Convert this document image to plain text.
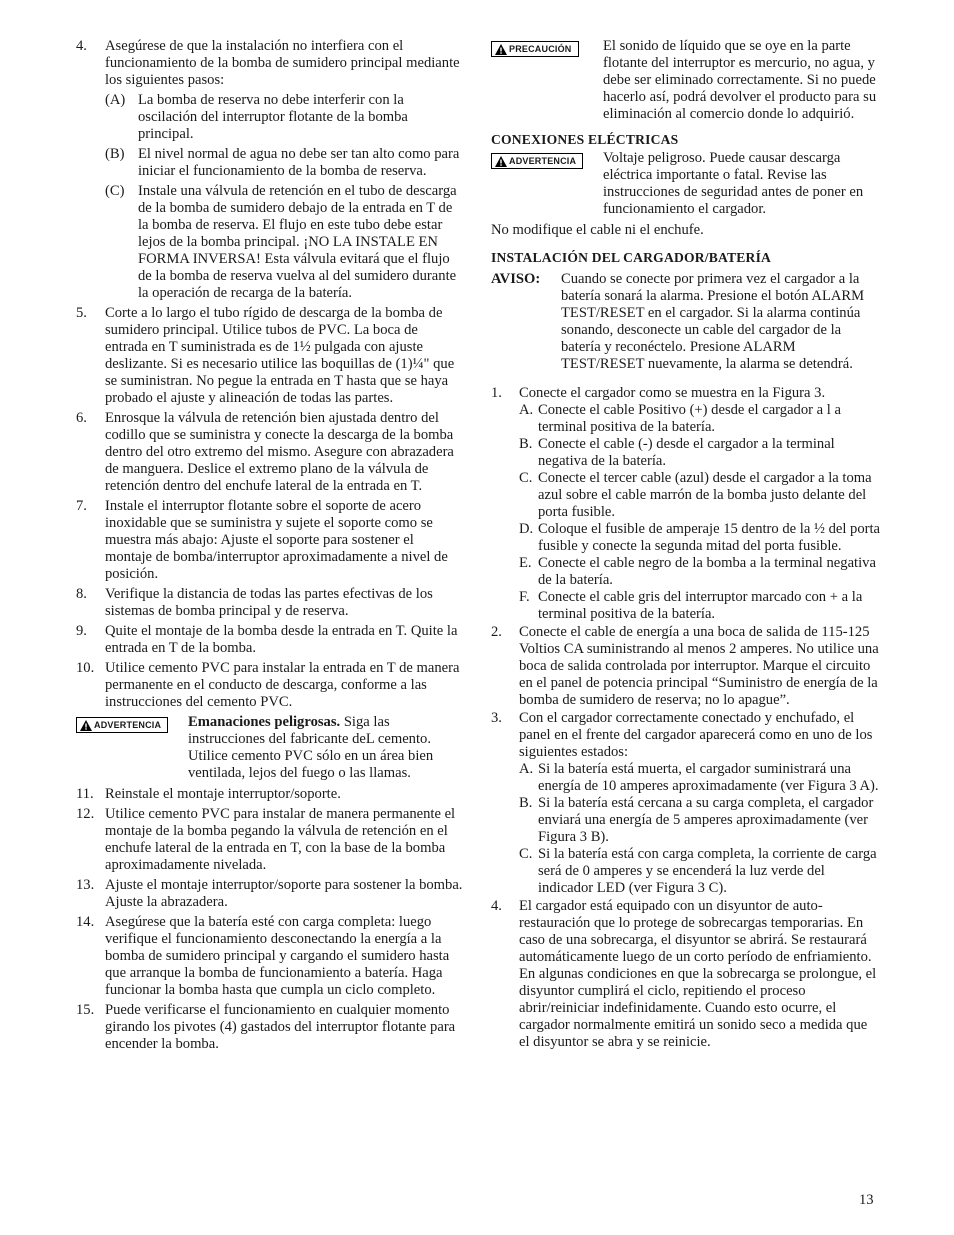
4.	Asegúrese de que la instalación no interfiera con el funcionamiento de la bomba de sumidero principal mediante los siguientes pasos:

(A) La bomba de reserva no debe interferir con la oscilación del interruptor flotante de la bomba principal.
(B) El nivel normal de agua no debe ser tan alto como para iniciar el funcionamiento de la bomba de reserva.
(C) Instale una válvula de retención en el tubo de descarga de la bomba de sumidero debajo de la entrada en T de la bomba de reserva. El flujo en este tubo debe estar lejos de la bomba principal. ¡NO LA INSTALE EN FORMA INVERSA! Esta válvula evitará que el flujo de la bomba de reserva vuelva al del sumidero durante la operación de recarga de la batería.
5.	Corte a lo largo el tubo rígido de descarga de la bomba de sumidero principal. Utilice tubos de PVC. La boca de entrada en T suministrada es de 1½ pulgada con ajuste deslizante. Si es necesario utilice las boquillas de (1)¼" que se suministran. No pegue la entrada en T hasta que se haya probado el ajuste y alineación de todas las partes.
6.	Enrosque la válvula de retención bien ajustada dentro del codillo que se suministra y conecte la descarga de la bomba dentro del otro extremo del mismo. Asegure con abrazadera de manguera. Deslice el extremo plano de la válvula de retención dentro del enchufe lateral de la entrada en T.
7.	Instale el interruptor flotante sobre el soporte de acero inoxidable que se suministra y sujete el soporte como se muestra más abajo: Ajuste el soporte para sostener el montaje de bomba/interruptor aproximadamente a nivel de posición.
8.	Verifique la distancia de todas las partes efectivas de los sistemas de bomba principal y de reserva.
9.	Quite el montaje de la bomba desde la entrada en T. Quite la entrada en T de la bomba.
10. Utilice cemento PVC para instalar la entrada en T de manera permanente en el conducto de descarga, conforme a las instrucciones del cemento PVC.
ADVERTENCIA Emanaciones peligrosas. Siga las instrucciones del fabricante deL cemento. Utilice cemento PVC sólo en un área bien ventilada, lejos del fuego o las llamas.
11. Reinstale el montaje interruptor/soporte.
12. Utilice cemento PVC para instalar de manera permanente el montaje de la bomba pegando la válvula de retención en el enchufe lateral de la entrada en T, con la base de la bomba aproximadamente nivelada.
13. Ajuste el montaje interruptor/soporte para sostener la bomba. Ajuste la abrazadera.
14. Asegúrese que la batería esté con carga completa: luego verifique el funcionamiento desconectando la energía a la bomba de sumidero principal y cargando el sumidero hasta que arranque la bomba de funcionamiento a batería. Haga funcionar la bomba hasta que cumpla un ciclo completo.
15. Puede verificarse el funcionamiento en cualquier momento girando los pivotes (4) gastados del interruptor flotante para encender la bomba.
PRECAUCIÓN El sonido de líquido que se oye en la parte flotante del interruptor es mercurio, no agua, y debe ser eliminado correctamente. Si no puede hacerlo así, podrá devolver el producto para su eliminación al comercio donde lo adquirió.
CONEXIONES ELÉCTRICAS
ADVERTENCIA Voltaje peligroso. Puede causar descarga eléctrica importante o fatal. Revise las instrucciones de seguridad antes de poner en funcionamiento el cargador.

No modifique el cable ni el enchufe.

INSTALACIÓN DEL CARGADOR/BATERÍA
AVISO:	Cuando se conecte por primera vez el cargador a la batería sonará la alarma. Presione el botón ALARM TEST/RESET en el cargador. Si la alarma continúa sonando, desconecte un cable del cargador de la batería y reconéctelo. Presione ALARM TEST/RESET nuevamente, la alarma se detendrá.
1.	Conecte el cargador como se muestra en la Figura 3.

A. Conecte el cable Positivo (+) desde el cargador a l a terminal positiva de la batería.
B. Conecte el cable (-) desde el cargador a la terminal negativa de la batería.
C. Conecte el tercer cable (azul) desde el cargador a la toma azul sobre el cable marrón de la bomba justo delante del porta fusible.
D. Coloque el fusible de amperaje 15 dentro de la ½ del porta fusible y conecte la segunda mitad del porta fusible.
E. Conecte el cable negro de la bomba a la terminal negativa de la batería.
F. Conecte el cable gris del interruptor marcado con + a la terminal positiva de la batería.
2.	Conecte el cable de energía a una boca de salida de 115-125 Voltios CA suministrando al menos 2 amperes. No utilice una boca de salida controlada por interruptor. Marque el circuito en el panel de potencia principal “Suministro de energía de la bomba de sumidero de reserva; no lo apague”.
3.	Con el cargador correctamente conectado y enchufado, el panel en el frente del cargador aparecerá como en uno de los siguientes estados:

A. Si la batería está muerta, el cargador suministrará una energía de 10 amperes aproximadamente (ver Figura 3 A).
B. Si la batería está cercana a su carga completa, el cargador enviará una energía de 5 amperes aproximadamente (ver Figura 3 B).
C. Si la batería está con carga completa, la corriente de carga será de 0 amperes y se encenderá la luz verde del indicador LED (ver Figura 3 C).
4.	El cargador está equipado con un disyuntor de auto-restauración que lo protege de sobrecargas temporarias. En caso de una sobrecarga, el disyuntor se abrirá. Se restaurará automáticamente luego de un corto período de enfriamiento. En algunas condiciones en que la sobrecarga se prolongue, el disyuntor cumplirá el ciclo, repitiendo el proceso abrir/reiniciar indefinidamente. Cuando esto ocurre, el cargador normalmente emitirá un sonido seco a medida que el disyuntor se abra y se reinicie.
13
